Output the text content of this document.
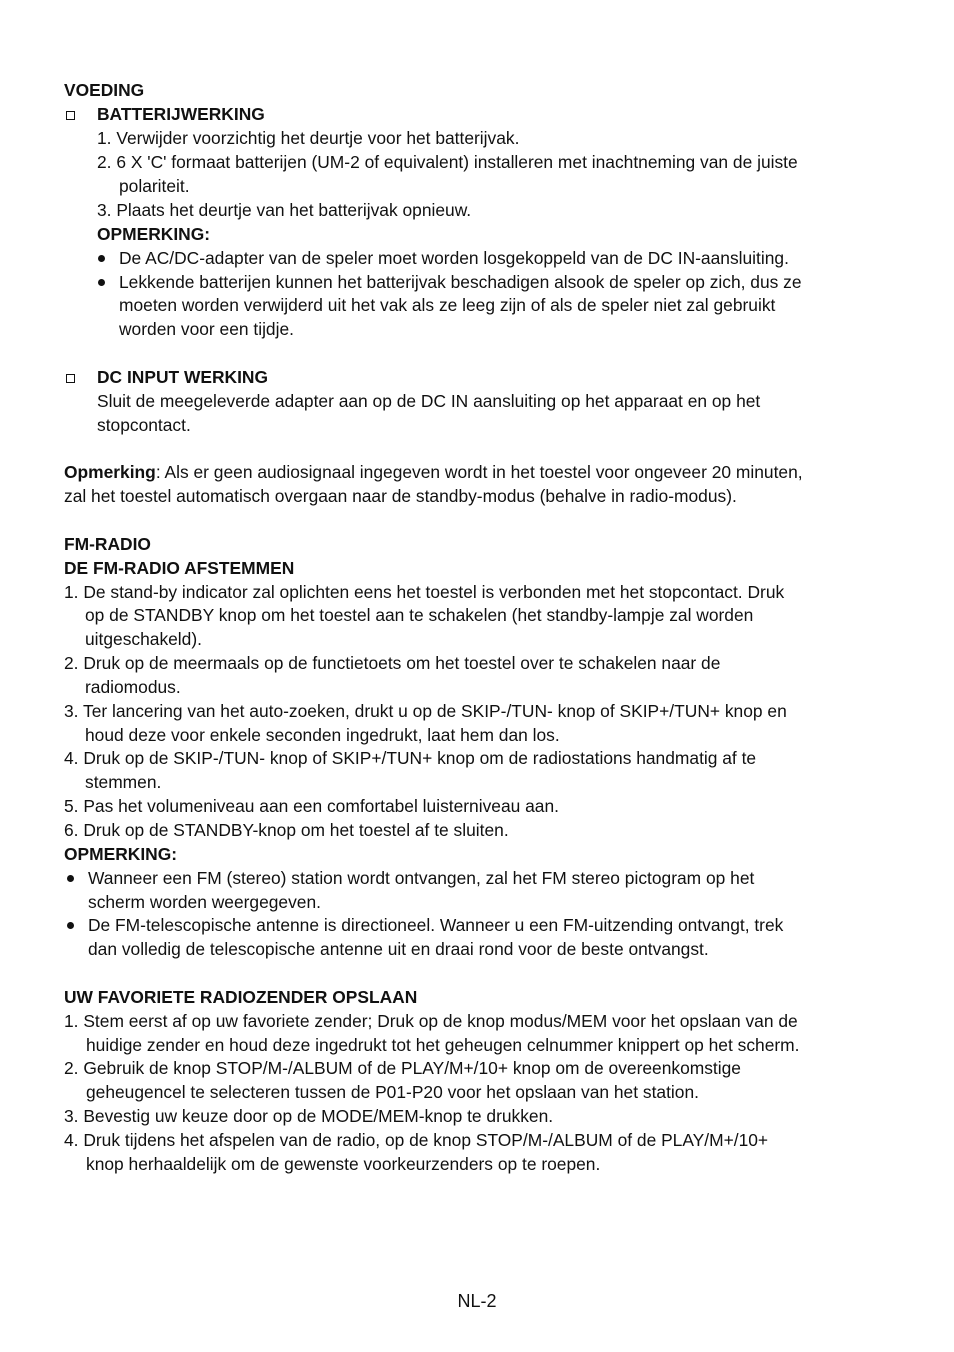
VOEDING
BATTERIJWERKING
1. Verwijder voorzichtig het deurtje voor het batterijvak.
2. 6 X 'C' formaat batterijen (UM-2 of equivalent) installeren met inachtneming van de juiste
polariteit.
3. Plaats het deurtje van het batterijvak opnieuw.
OPMERKING:
De AC/DC-adapter van de speler moet worden losgekoppeld van de DC IN-aansluiting.
Lekkende batterijen kunnen het batterijvak beschadigen alsook de speler op zich, dus ze
moeten worden verwijderd uit het vak als ze leeg zijn of als de speler niet zal gebruikt
worden voor een tijdje.
DC INPUT WERKING
Sluit de meegeleverde adapter aan op de DC IN aansluiting op het apparaat en op het
stopcontact.
Opmerking: Als er geen audiosignaal ingegeven wordt in het toestel voor ongeveer 20 minuten,
zal het toestel automatisch overgaan naar de standby-modus (behalve in radio-modus).
FM-RADIO
DE FM-RADIO AFSTEMMEN
1. De stand-by indicator zal oplichten eens het toestel is verbonden met het stopcontact. Druk
op de STANDBY knop om het toestel aan te schakelen (het standby-lampje zal worden
uitgeschakeld).
2. Druk op de meermaals op de functietoets om het toestel over te schakelen naar de
radiomodus.
3. Ter lancering van het auto-zoeken, drukt u op de SKIP-/TUN- knop of SKIP+/TUN+ knop en
houd deze voor enkele seconden ingedrukt, laat hem dan los.
4. Druk op de SKIP-/TUN- knop of SKIP+/TUN+ knop om de radiostations handmatig af te
stemmen.
5. Pas het volumeniveau aan een comfortabel luisterniveau aan.
6. Druk op de STANDBY-knop om het toestel af te sluiten.
OPMERKING:
Wanneer een FM (stereo) station wordt ontvangen, zal het FM stereo pictogram op het
scherm worden weergegeven.
De FM-telescopische antenne is directioneel. Wanneer u een FM-uitzending ontvangt, trek
dan volledig de telescopische antenne uit en draai rond voor de beste ontvangst.
UW FAVORIETE RADIOZENDER OPSLAAN
1. Stem eerst af op uw favoriete zender; Druk op de knop modus/MEM voor het opslaan van de
huidige zender en houd deze ingedrukt tot het geheugen celnummer knippert op het scherm.
2. Gebruik de knop STOP/M-/ALBUM of de PLAY/M+/10+ knop om de overeenkomstige
geheugencel te selecteren tussen de P01-P20 voor het opslaan van het station.
3. Bevestig uw keuze door op de MODE/MEM-knop te drukken.
4. Druk tijdens het afspelen van de radio, op de knop STOP/M-/ALBUM of de PLAY/M+/10+
knop herhaaldelijk om de gewenste voorkeurzenders op te roepen.
NL-2
